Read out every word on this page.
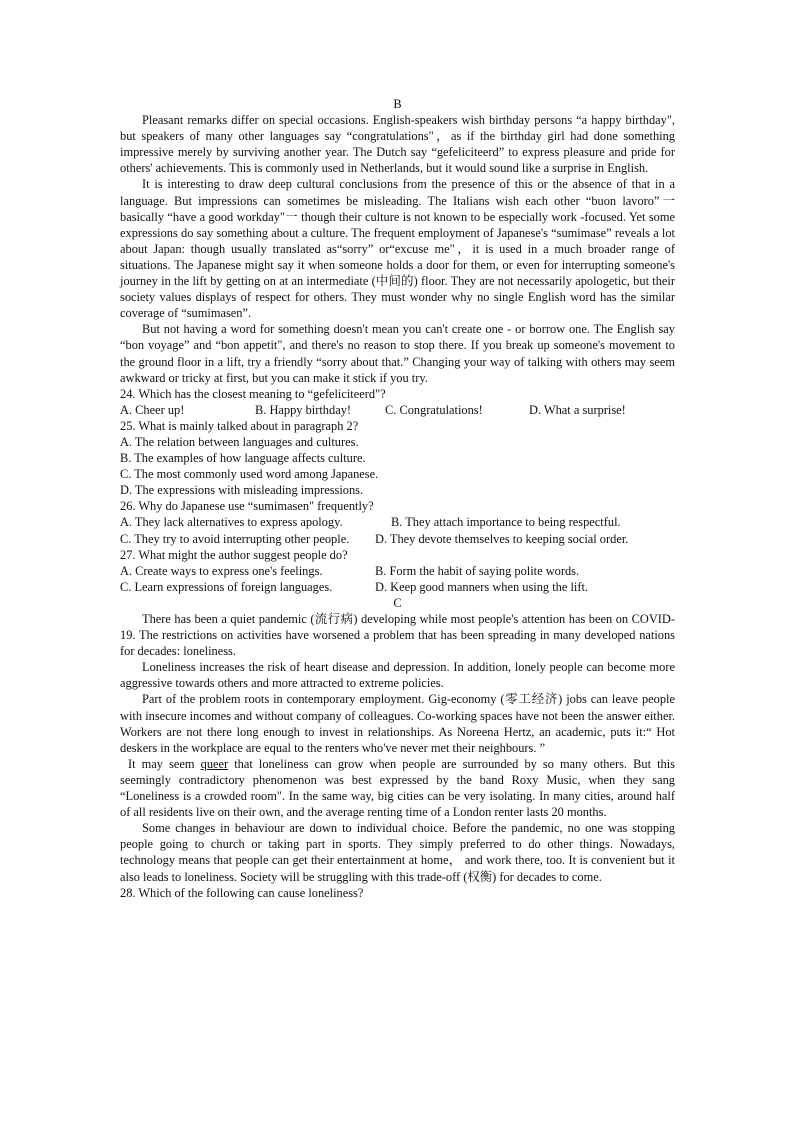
B

Pleasant remarks differ on special occasions. English-speakers wish birthday persons “a happy birthday", but speakers of many other languages say “congratulations"，as if the birthday girl had done something impressive merely by surviving another year. The Dutch say “gefeliciteerd” to express pleasure and pride for others' achievements. This is commonly used in Netherlands, but it would sound like a surprise in English.

It is interesting to draw deep cultural conclusions from the presence of this or the absence of that in a language. But impressions can sometimes be misleading. The Italians wish each other “buon lavoro”一 basically “have a good workday"一 though their culture is not known to be especially work -focused. Yet some expressions do say something about a culture. The frequent employment of Japanese's “sumimase” reveals a lot about Japan: though usually translated as“sorry” or“excuse me"，it is used in a much broader range of situations. The Japanese might say it when someone holds a door for them, or even for interrupting someone's journey in the lift by getting on at an intermediate (中间的) floor. They are not necessarily apologetic, but their society values displays of respect for others. They must wonder why no single English word has the similar coverage of “sumimasen”.

But not having a word for something doesn't mean you can't create one - or borrow one. The English say “bon voyage” and “bon appetit", and there's no reason to stop there. If you break up someone's movement to the ground floor in a lift, try a friendly “sorry about that.” Changing your way of talking with others may seem awkward or tricky at first, but you can make it stick if you try.

24. Which has the closest meaning to “gefeliciteerd"?

A. Cheer up!	B. Happy birthday!	C. Congratulations!	D. What a surprise!

25. What is mainly talked about in paragraph 2?

A. The relation between languages and cultures.

B. The examples of how language affects culture.

C. The most commonly used word among Japanese.

D. The expressions with misleading impressions.

26. Why do Japanese use “sumimasen" frequently?

A. They lack alternatives to express apology.	B. They attach importance to being respectful.
C. They try to avoid interrupting other people.	D. They devote themselves to keeping social order.

27. What might the author suggest people do?

A. Create ways to express one's feelings.	B. Form the habit of saying polite words.
C. Learn expressions of foreign languages.	D. Keep good manners when using the lift.
C

There has been a quiet pandemic (流行病) developing while most people's attention has been on COVID-19. The restrictions on activities have worsened a problem that has been spreading in many developed nations for decades: loneliness.

Loneliness increases the risk of heart disease and depression. In addition, lonely people can become more aggressive towards others and more attracted to extreme policies.

Part of the problem roots in contemporary employment. Gig-economy (零工经济) jobs can leave people with insecure incomes and without company of colleagues. Co-working spaces have not been the answer either. Workers are not there long enough to invest in relationships. As Noreena Hertz, an academic, puts it:“ Hot deskers in the workplace are equal to the renters who've never met their neighbours. ”

It may seem queer that loneliness can grow when people are surrounded by so many others. But this seemingly contradictory phenomenon was best expressed by the band Roxy Music, when they sang “Loneliness is a crowded room". In the same way, big cities can be very isolating. In many cities, around half of all residents live on their own, and the average renting time of a London renter lasts 20 months.

Some changes in behaviour are down to individual choice. Before the pandemic, no one was stopping people going to church or taking part in sports. They simply preferred to do other things. Nowadays, technology means that people can get their entertainment at home， and work there, too. It is convenient but it also leads to loneliness. Society will be struggling with this trade-off (权衡) for decades to come.

28. Which of the following can cause loneliness?
